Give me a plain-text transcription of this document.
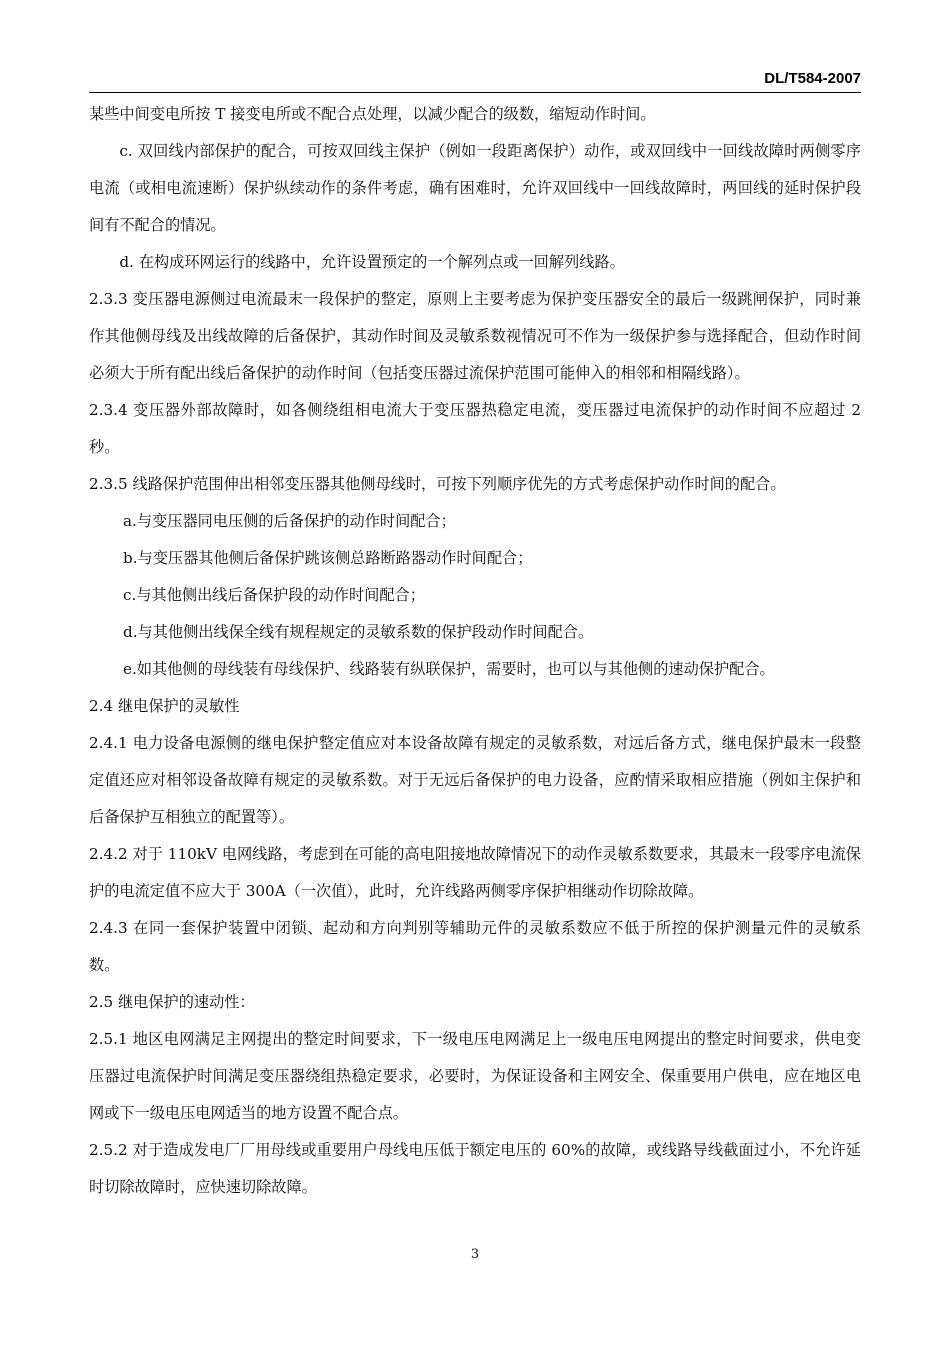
DL/T584-2007

某些中间变电所按 T 接变电所或不配合点处理，以减少配合的级数，缩短动作时间。

c. 双回线内部保护的配合，可按双回线主保护（例如一段距离保护）动作，或双回线中一回线故障时两侧零序电流（或相电流速断）保护纵续动作的条件考虑，确有困难时，允许双回线中一回线故障时，两回线的延时保护段间有不配合的情况。

d. 在构成环网运行的线路中，允许设置预定的一个解列点或一回解列线路。

2.3.3 变压器电源侧过电流最末一段保护的整定，原则上主要考虑为保护变压器安全的最后一级跳闸保护，同时兼作其他侧母线及出线故障的后备保护，其动作时间及灵敏系数视情况可不作为一级保护参与选择配合，但动作时间必须大于所有配出线后备保护的动作时间（包括变压器过流保护范围可能伸入的相邻和相隔线路）。

2.3.4 变压器外部故障时，如各侧绕组相电流大于变压器热稳定电流，变压器过电流保护的动作时间不应超过 2 秒。

2.3.5 线路保护范围伸出相邻变压器其他侧母线时，可按下列顺序优先的方式考虑保护动作时间的配合。

a.与变压器同电压侧的后备保护的动作时间配合；

b.与变压器其他侧后备保护跳该侧总路断路器动作时间配合；

c.与其他侧出线后备保护段的动作时间配合；

d.与其他侧出线保全线有规程规定的灵敏系数的保护段动作时间配合。

e.如其他侧的母线装有母线保护、线路装有纵联保护，需要时，也可以与其他侧的速动保护配合。

2.4 继电保护的灵敏性

2.4.1 电力设备电源侧的继电保护整定值应对本设备故障有规定的灵敏系数，对远后备方式，继电保护最末一段整定值还应对相邻设备故障有规定的灵敏系数。对于无远后备保护的电力设备，应酌情采取相应措施（例如主保护和后备保护互相独立的配置等）。

2.4.2 对于 110kV 电网线路，考虑到在可能的高电阻接地故障情况下的动作灵敏系数要求，其最末一段零序电流保护的电流定值不应大于 300A（一次值），此时，允许线路两侧零序保护相继动作切除故障。

2.4.3 在同一套保护装置中闭锁、起动和方向判别等辅助元件的灵敏系数应不低于所控的保护测量元件的灵敏系数。

2.5 继电保护的速动性：

2.5.1 地区电网满足主网提出的整定时间要求，下一级电压电网满足上一级电压电网提出的整定时间要求，供电变压器过电流保护时间满足变压器绕组热稳定要求，必要时，为保证设备和主网安全、保重要用户供电，应在地区电网或下一级电压电网适当的地方设置不配合点。

2.5.2 对于造成发电厂厂用母线或重要用户母线电压低于额定电压的 60%的故障，或线路导线截面过小，不允许延时切除故障时，应快速切除故障。

3
